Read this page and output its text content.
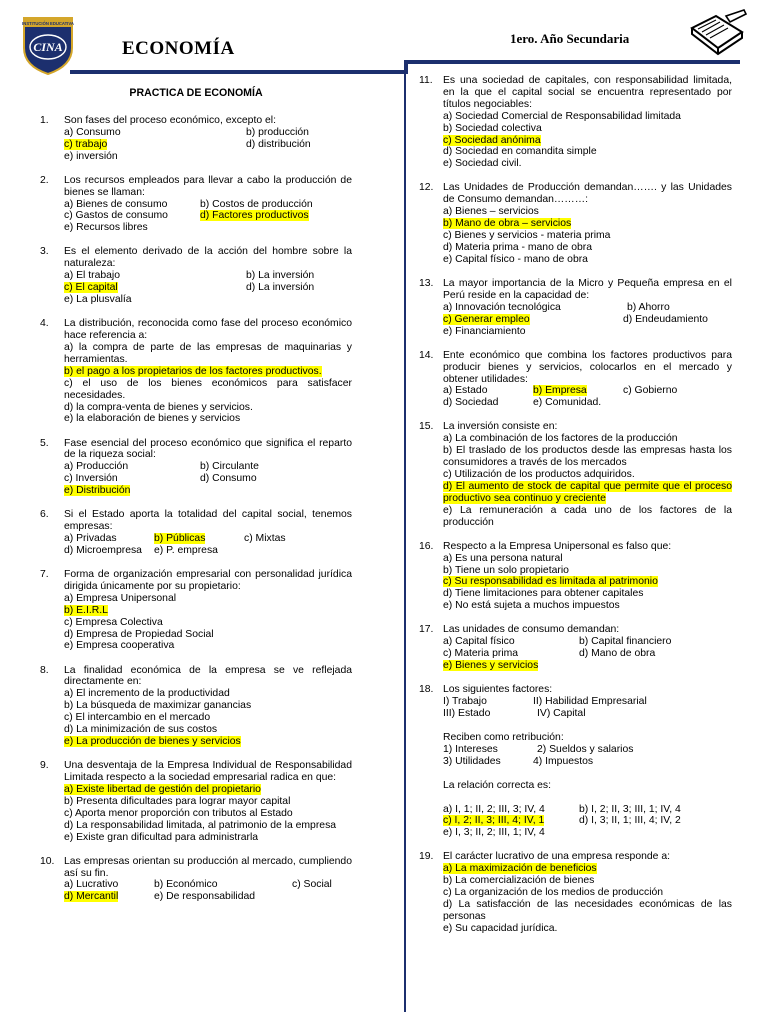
INSTITUCIÓN EDUCATIVA
CINA	ECONOMÍA	1ero. Año Secundaria
PRACTICA DE ECONOMÍA
1. Son fases del proceso económico, excepto el:
a) Consumo	b) producción
c) trabajo	d) distribución
e) inversión
2. Los recursos empleados para llevar a cabo la producción de bienes se llaman:
a) Bienes de consumo	b) Costos de producción
c) Gastos de consumo	d) Factores productivos
e) Recursos libres
3. Es el elemento derivado de la acción del hombre sobre la naturaleza:
a) El trabajo	b) La inversión
c) El capital	d) La inversión
e) La plusvalía
4. La distribución, reconocida como fase del proceso económico hace referencia a:
a) la compra de parte de las empresas de maquinarias y herramientas.
b) el pago a los propietarios de los factores productivos.
c) el uso de los bienes económicos para satisfacer necesidades.
d) la compra-venta de bienes y servicios.
e) la elaboración de bienes y servicios
5. Fase esencial del proceso económico que significa el reparto de la riqueza social:
a) Producción	b) Circulante
c) Inversión	d) Consumo
e) Distribución
6. Si el Estado aporta la totalidad del capital social, tenemos empresas:
a) Privadas	b) Públicas	c) Mixtas
d) Microempresa	e) P. empresa
7. Forma de organización empresarial con personalidad jurídica dirigida únicamente por su propietario:
a) Empresa Unipersonal
b) E.I.R.L
c) Empresa Colectiva
d) Empresa de Propiedad Social
e) Empresa cooperativa
8. La finalidad económica de la empresa se ve reflejada directamente en:
a) El incremento de la productividad
b) La búsqueda de maximizar ganancias
c) El intercambio en el mercado
d) La minimización de sus costos
e) La producción de bienes y servicios
9. Una desventaja de la Empresa Individual de Responsabilidad Limitada respecto a la sociedad empresarial radica en que:
a) Existe libertad de gestión del propietario
b) Presenta dificultades para lograr mayor capital
c) Aporta menor proporción con tributos al Estado
d) La responsabilidad limitada, al patrimonio de la empresa
e) Existe gran dificultad para administrarla
10. Las empresas orientan su producción al mercado, cumpliendo así su fin.
a) Lucrativo	b) Económico	c) Social
d) Mercantil	e) De responsabilidad
11. Es una sociedad de capitales, con responsabilidad limitada, en la que el capital social se encuentra representado por títulos negociables:
a) Sociedad Comercial de Responsabilidad limitada
b) Sociedad colectiva
c) Sociedad anónima
d) Sociedad en comandita simple
e) Sociedad civil.
12. Las Unidades de Producción demandan……. y las Unidades de Consumo demandan………:
a) Bienes – servicios
b) Mano de obra – servicios
c) Bienes y servicios - materia prima
d) Materia prima - mano de obra
e) Capital físico - mano de obra
13. La mayor importancia de la Micro y Pequeña empresa en el Perú reside en la capacidad de:
a) Innovación tecnológica	b) Ahorro
c) Generar empleo	d) Endeudamiento
e) Financiamiento
14. Ente económico que combina los factores productivos para producir bienes y servicios, colocarlos en el mercado y obtener utilidades:
a) Estado	b) Empresa	c) Gobierno
d) Sociedad	e) Comunidad.
15. La inversión consiste en:
a) La combinación de los factores de la producción
b) El traslado de los productos desde las empresas hasta los consumidores a través de los mercados
c) Utilización de los productos adquiridos.
d) El aumento de stock de capital que permite que el proceso productivo sea continuo y creciente
e) La remuneración a cada uno de los factores de la producción
16. Respecto a la Empresa Unipersonal es falso que:
a) Es una persona natural
b) Tiene un solo propietario
c) Su responsabilidad es limitada al patrimonio
d) Tiene limitaciones para obtener capitales
e) No está sujeta a muchos impuestos
17. Las unidades de consumo demandan:
a) Capital físico	b) Capital financiero
c) Materia prima	d) Mano de obra
e) Bienes y servicios
18. Los siguientes factores:
I) Trabajo	II) Habilidad Empresarial
III) Estado	IV) Capital
Reciben como retribución:
1) Intereses	2) Sueldos y salarios
3) Utilidades	4) Impuestos
La relación correcta es:
a) I, 1; II, 2; III, 3; IV, 4	b) I, 2; II, 3; III, 1; IV, 4
c) I, 2; II, 3; III, 4; IV, 1	d) I, 3; II, 1; III, 4; IV, 2
e) I, 3; II, 2; III, 1; IV, 4
19. El carácter lucrativo de una empresa responde a:
a) La maximización de beneficios
b) La comercialización de bienes
c) La organización de los medios de producción
d) La satisfacción de las necesidades económicas de las personas
e) Su capacidad jurídica.
